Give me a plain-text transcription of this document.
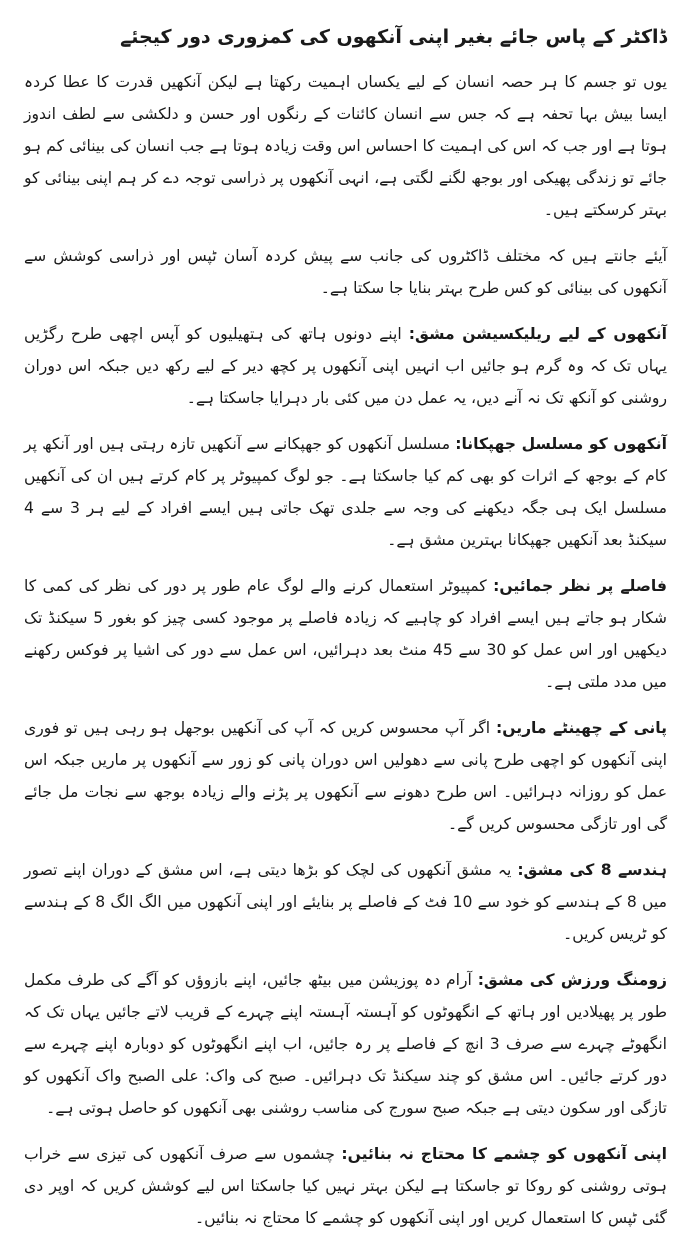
ڈاکٹر کے پاس جائے بغیر اپنی آنکھوں کی کمزوری دور کیجئے

یوں تو جسم کا ہر حصہ انسان کے لیے یکساں اہمیت رکھتا ہے لیکن آنکھیں قدرت کا عطا کردہ ایسا بیش بہا تحفہ ہے کہ جس سے انسان کائنات کے رنگوں اور حسن و دلکشی سے لطف اندوز ہوتا ہے اور جب کہ اس کی اہمیت کا احساس اس وقت زیادہ ہوتا ہے جب انسان کی بینائی کم ہو جائے تو زندگی پھیکی اور بوجھ لگنے لگتی ہے، انہی آنکھوں پر ذراسی توجہ دے کر ہم اپنی بینائی کو بہتر کرسکتے ہیں۔

آیئے جانتے ہیں کہ مختلف ڈاکٹروں کی جانب سے پیش کردہ آسان ٹپس اور ذراسی کوشش سے آنکھوں کی بینائی کو کس طرح بہتر بنایا جا سکتا ہے۔

آنکھوں کے لیے ریلیکسیشن مشق: اپنے دونوں ہاتھ کی ہتھیلیوں کو آپس اچھی طرح رگڑیں یہاں تک کہ وہ گرم ہو جائیں اب انہیں اپنی آنکھوں پر کچھ دیر کے لیے رکھ دیں جبکہ اس دوران روشنی کو آنکھ تک نہ آنے دیں، یہ عمل دن میں کئی بار دہرایا جاسکتا ہے۔

آنکھوں کو مسلسل جھپکانا: مسلسل آنکھوں کو جھپکانے سے آنکھیں تازہ رہتی ہیں اور آنکھ پر کام کے بوجھ کے اثرات کو بھی کم کیا جاسکتا ہے۔ جو لوگ کمپیوٹر پر کام کرتے ہیں ان کی آنکھیں مسلسل ایک ہی جگہ دیکھنے کی وجہ سے جلدی تھک جاتی ہیں ایسے افراد کے لیے ہر 3 سے 4 سیکنڈ بعد آنکھیں جھپکانا بہترین مشق ہے۔

فاصلے پر نظر جمائیں: کمپیوٹر استعمال کرنے والے لوگ عام طور پر دور کی نظر کی کمی کا شکار ہو جاتے ہیں ایسے افراد کو چاہیے کہ زیادہ فاصلے پر موجود کسی چیز کو بغور 5 سیکنڈ تک دیکھیں اور اس عمل کو 30 سے 45 منٹ بعد دہرائیں، اس عمل سے دور کی اشیا پر فوکس رکھنے میں مدد ملتی ہے۔

پانی کے چھینٹے ماریں: اگر آپ محسوس کریں کہ آپ کی آنکھیں بوجھل ہو رہی ہیں تو فوری اپنی آنکھوں کو اچھی طرح پانی سے دھولیں اس دوران پانی کو زور سے آنکھوں پر ماریں جبکہ اس عمل کو روزانہ دہرائیں۔ اس طرح دھونے سے آنکھوں پر پڑنے والے زیادہ بوجھ سے نجات مل جائے گی اور تازگی محسوس کریں گے۔

ہندسے 8 کی مشق: یہ مشق آنکھوں کی لچک کو بڑھا دیتی ہے، اس مشق کے دوران اپنے تصور میں 8 کے ہندسے کو خود سے 10 فٹ کے فاصلے پر بنایئے اور اپنی آنکھوں میں الگ الگ 8 کے ہندسے کو ٹریس کریں۔

زومنگ ورزش کی مشق: آرام دہ پوزیشن میں بیٹھ جائیں، اپنے بازوؤں کو آگے کی طرف مکمل طور پر پھیلادیں اور ہاتھ کے انگھوٹوں کو آہستہ آہستہ اپنے چہرے کے قریب لاتے جائیں یہاں تک کہ انگھوٹے چہرے سے صرف 3 انچ کے فاصلے پر رہ جائیں، اب اپنے انگھوٹوں کو دوبارہ اپنے چہرے سے دور کرتے جائیں۔ اس مشق کو چند سیکنڈ تک دہرائیں۔ صبح کی واک: علی الصبح واک آنکھوں کو تازگی اور سکون دیتی ہے جبکہ صبح سورج کی مناسب روشنی بھی آنکھوں کو حاصل ہوتی ہے۔

اپنی آنکھوں کو چشمے کا محتاج نہ بنائیں: چشموں سے صرف آنکھوں کی تیزی سے خراب ہوتی روشنی کو روکا تو جاسکتا ہے لیکن بہتر نہیں کیا جاسکتا اس لیے کوشش کریں کہ اوپر دی گئی ٹپس کا استعمال کریں اور اپنی آنکھوں کو چشمے کا محتاج نہ بنائیں۔
